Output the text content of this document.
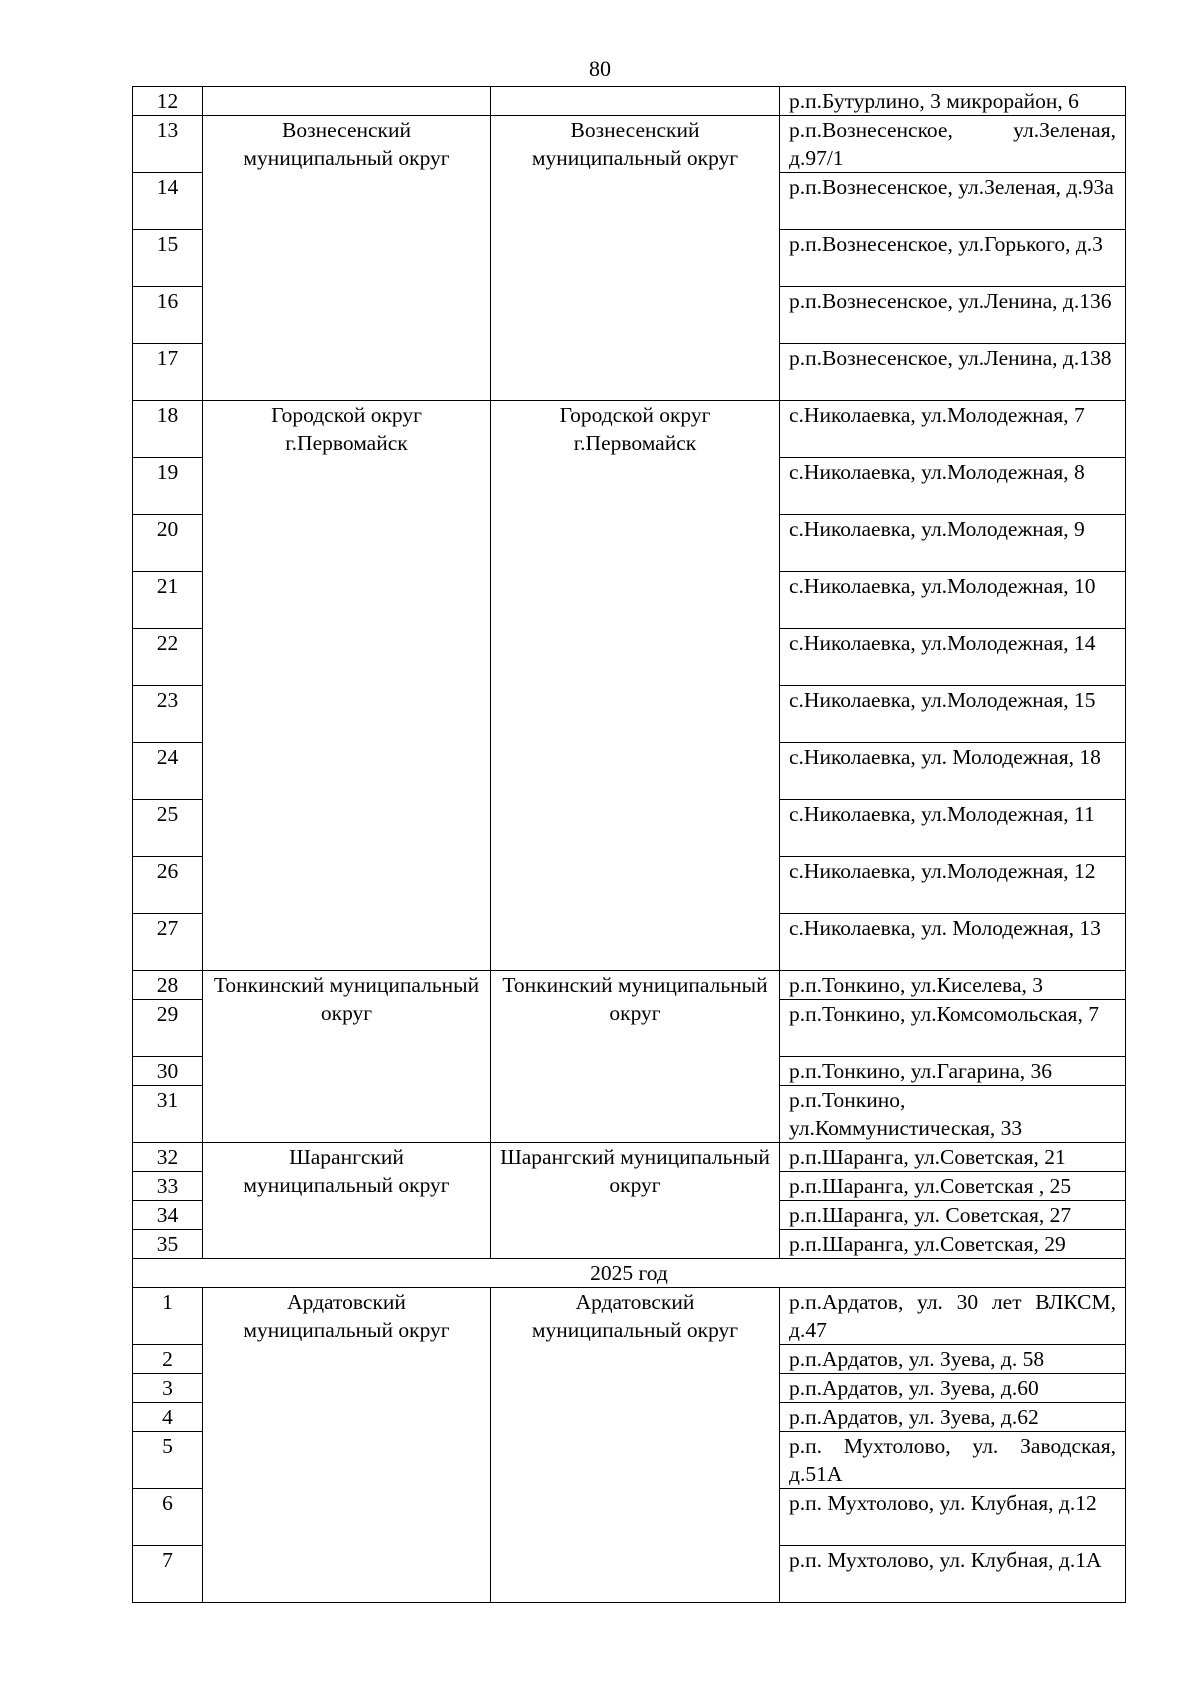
80
12			р.п.Бутурлино, 3 микрорайон, 6
13	Вознесенский муниципальный округ	Вознесенский муниципальный округ	р.п.Вознесенское, ул.Зеленая, д.97/1
14			р.п.Вознесенское, ул.Зеленая, д.93а
15			р.п.Вознесенское, ул.Горького, д.3
16			р.п.Вознесенское, ул.Ленина, д.136
17			р.п.Вознесенское, ул.Ленина, д.138
18	Городской округ г.Первомайск	Городской округ г.Первомайск	с.Николаевка, ул.Молодежная, 7
19			с.Николаевка, ул.Молодежная, 8
20			с.Николаевка, ул.Молодежная, 9
21			с.Николаевка, ул.Молодежная, 10
22			с.Николаевка, ул.Молодежная, 14
23			с.Николаевка, ул.Молодежная, 15
24			с.Николаевка, ул. Молодежная, 18
25			с.Николаевка, ул.Молодежная, 11
26			с.Николаевка, ул.Молодежная, 12
27			с.Николаевка, ул. Молодежная, 13
28	Тонкинский муниципальный округ	Тонкинский муниципальный округ	р.п.Тонкино, ул.Киселева, 3
29			р.п.Тонкино, ул.Комсомольская, 7
30			р.п.Тонкино, ул.Гагарина, 36
31			р.п.Тонкино, ул.Коммунистическая, 33
32	Шарангский муниципальный округ	Шарангский муниципальный округ	р.п.Шаранга, ул.Советская, 21
33			р.п.Шаранга, ул.Советская , 25
34			р.п.Шаранга, ул. Советская, 27
35			р.п.Шаранга, ул.Советская, 29
2025 год			
1	Ардатовский муниципальный округ	Ардатовский муниципальный округ	р.п.Ардатов, ул. 30 лет ВЛКСМ, д.47
2			р.п.Ардатов, ул. Зуева, д. 58
3			р.п.Ардатов, ул. Зуева, д.60
4			р.п.Ардатов, ул. Зуева, д.62
5			р.п. Мухтолово, ул. Заводская, д.51А
6			р.п. Мухтолово, ул. Клубная, д.12
7			р.п. Мухтолово, ул. Клубная, д.1А
